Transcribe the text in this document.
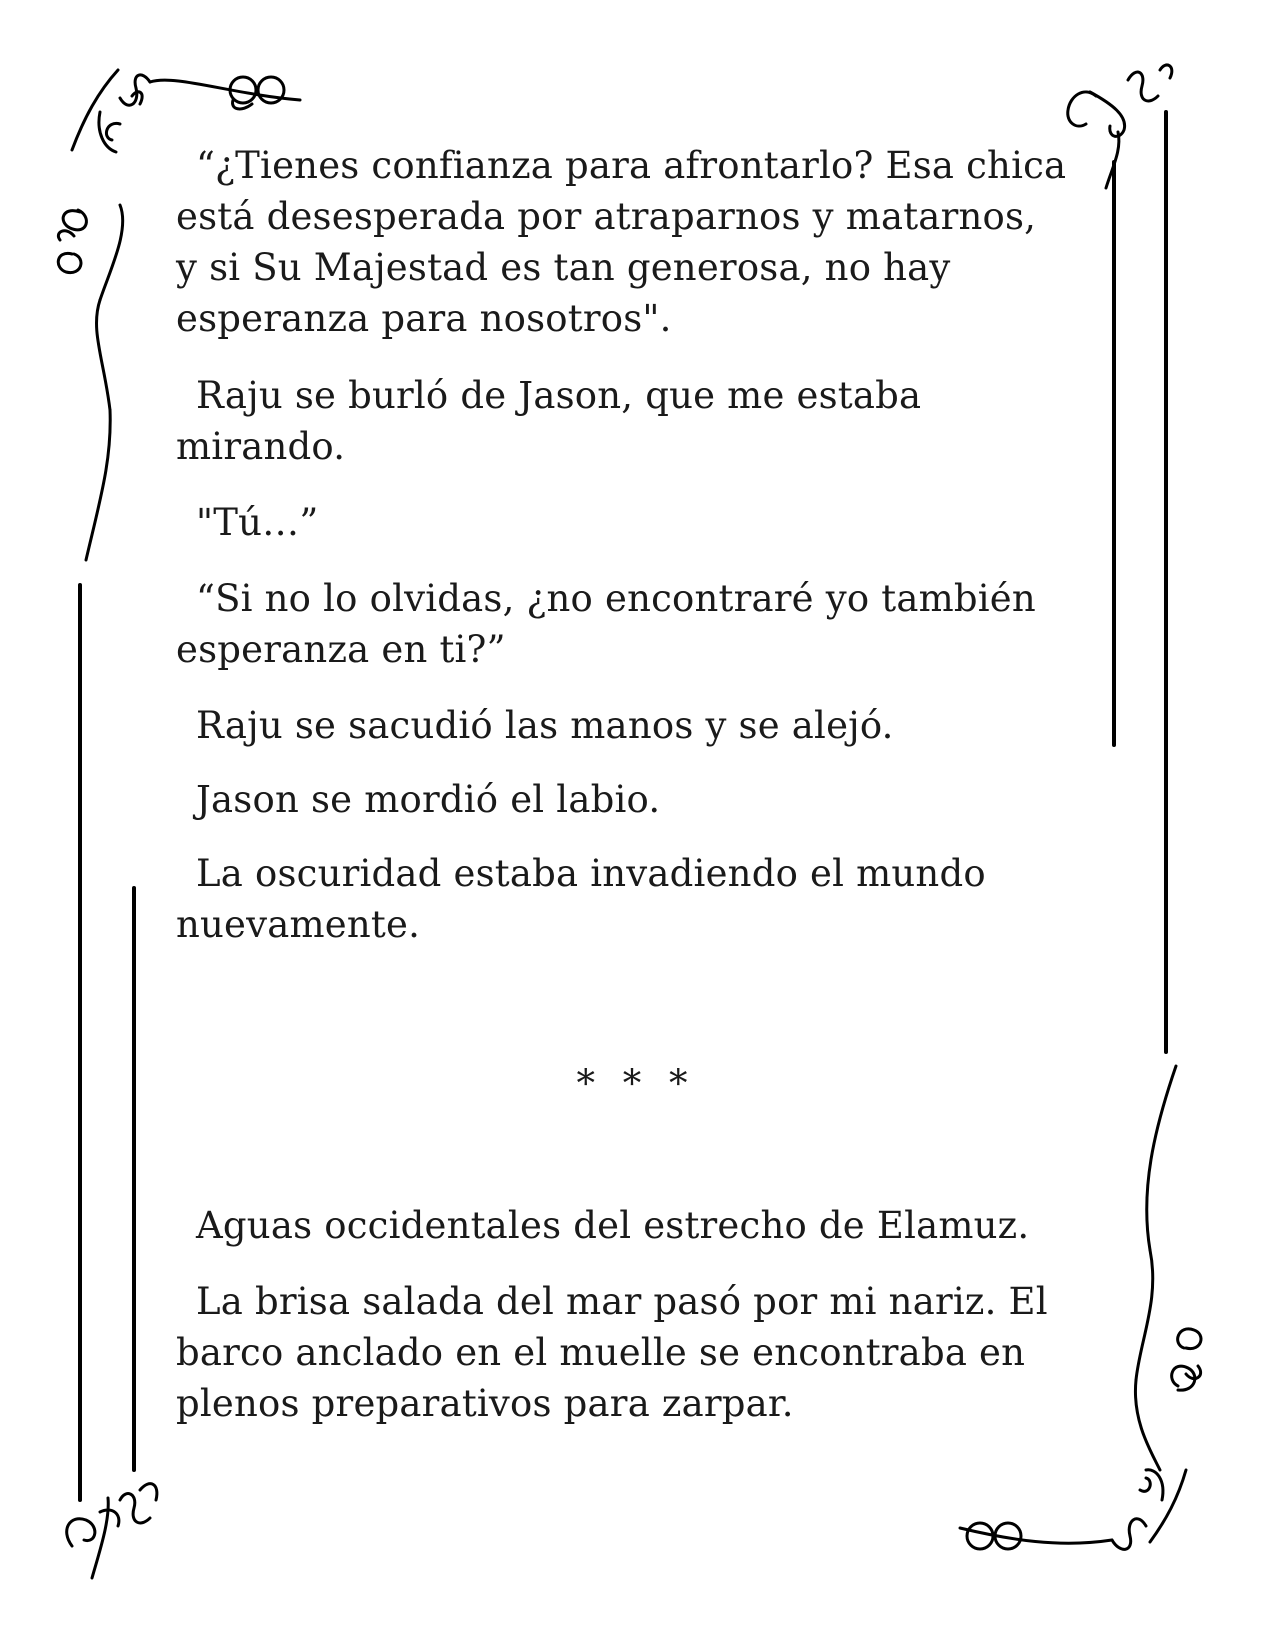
“¿Tienes confianza para afrontarlo? Esa chica
está desesperada por atraparnos y matarnos,
y si Su Majestad es tan generosa, no hay
esperanza para nosotros".

Raju se burló de Jason, que me estaba
mirando.

"Tú…”

“Si no lo olvidas, ¿no encontraré yo también
esperanza en ti?”

Raju se sacudió las manos y se alejó.

Jason se mordió el labio.

La oscuridad estaba invadiendo el mundo
nuevamente.

* * *

Aguas occidentales del estrecho de Elamuz.

La brisa salada del mar pasó por mi nariz. El
barco anclado en el muelle se encontraba en
plenos preparativos para zarpar.
